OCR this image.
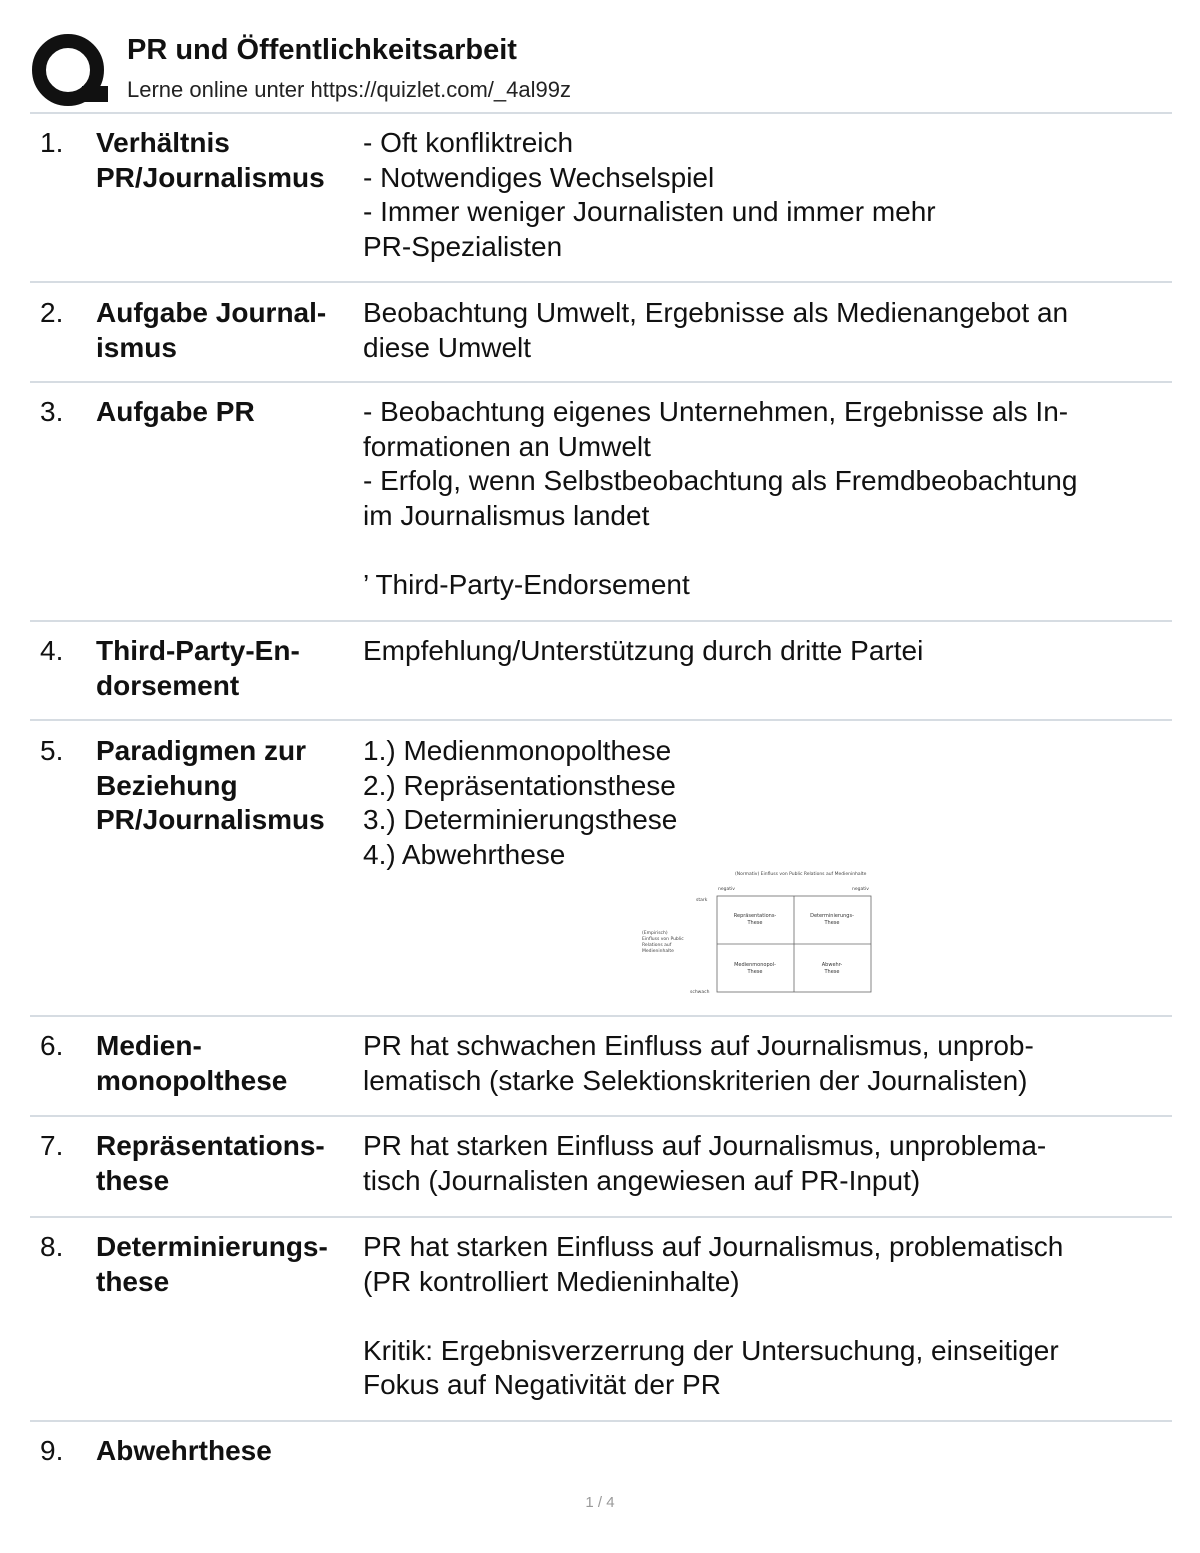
PR und Öffentlichkeitsarbeit
Lerne online unter https://quizlet.com/_4al99z
1. Verhältnis
PR/Journalismus
- Oft konfliktreich
- Notwendiges Wechselspiel
- Immer weniger Journalisten und immer mehr
PR-Spezialisten
2. Aufgabe Journal-
ismus
Beobachtung Umwelt, Ergebnisse als Medienangebot an
diese Umwelt
3. Aufgabe PR	- Beobachtung eigenes Unternehmen, Ergebnisse als In-
formationen an Umwelt
- Erfolg, wenn Selbstbeobachtung als Fremdbeobachtung
im Journalismus landet
’ Third-Party-Endorsement
4. Third-Party-En-
dorsement
Empfehlung/Unterstützung durch dritte Partei
5. Paradigmen zur
Beziehung
PR/Journalismus
1.) Medienmonopolthese
2.) Repräsentationsthese
3.) Determinierungsthese
4.) Abwehrthese
(Normativ) Einfluss von Public Relations auf Medieninhalte
negativ	negativ
stark
schwach
(Empirisch)
Einfluss von Public
Relations auf
Medieninhalte
Repräsentations-
These
Determinierungs-
These
Medienmonopol-
These
Abwehr-
These
6. Medien-
monopolthese
PR hat schwachen Einfluss auf Journalismus, unprob-
lematisch (starke Selektionskriterien der Journalisten)
7. Repräsentations-
these
PR hat starken Einfluss auf Journalismus, unproblema-
tisch (Journalisten angewiesen auf PR-Input)
8. Determinierungs-
these
PR hat starken Einfluss auf Journalismus, problematisch
(PR kontrolliert Medieninhalte)
Kritik: Ergebnisverzerrung der Untersuchung, einseitiger
Fokus auf Negativität der PR
9. Abwehrthese
1 / 4
